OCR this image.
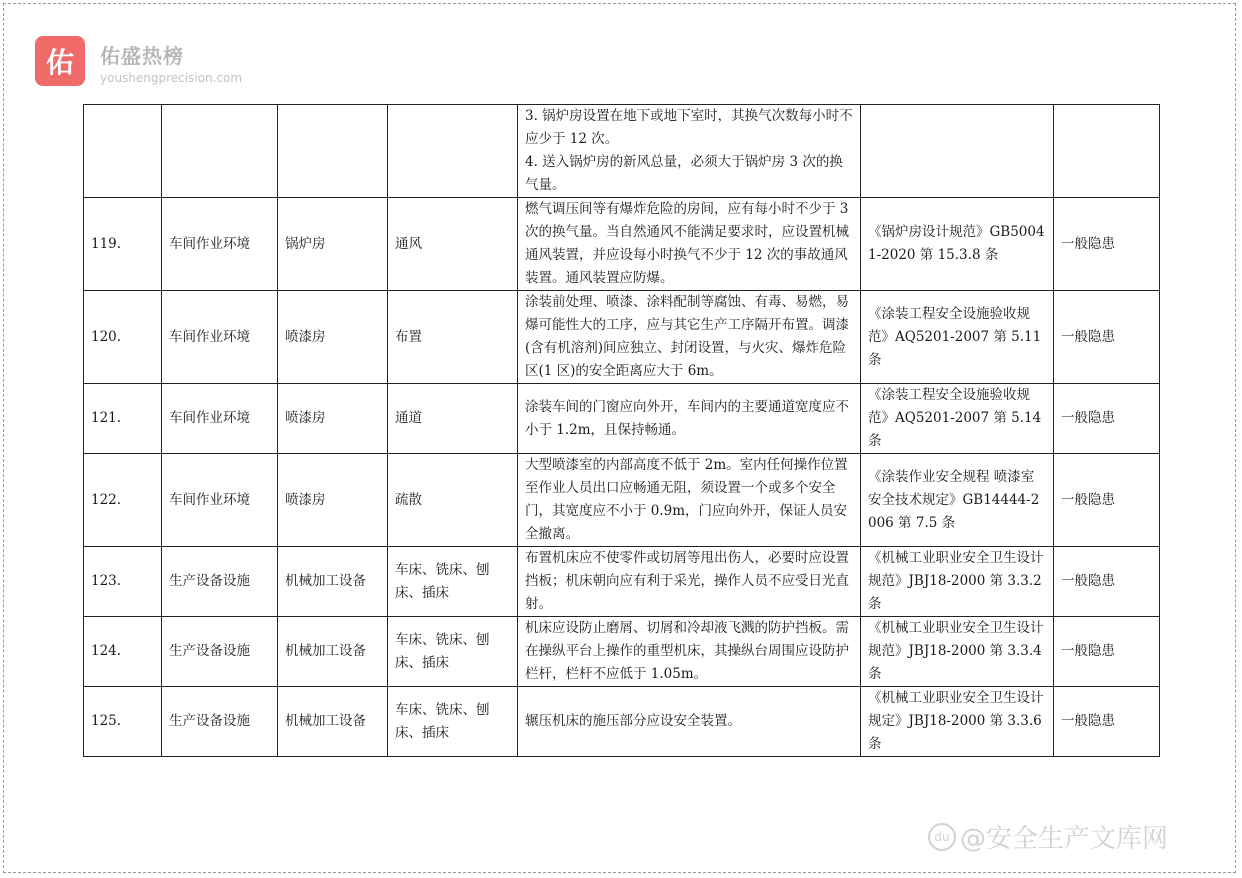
佑 佑盛热榜
youshengprecision.com
				3. 锅炉房设置在地下或地下室时，其换气次数每小时不应少于 12 次。
4. 送入锅炉房的新风总量，必须大于锅炉房 3 次的换气量。		
119.	车间作业环境	锅炉房	通风	燃气调压间等有爆炸危险的房间，应有每小时不少于 3 次的换气量。当自然通风不能满足要求时，应设置机械通风装置，并应设每小时换气不少于 12 次的事故通风装置。通风装置应防爆。	《锅炉房设计规范》GB50041-2020 第 15.3.8 条	一般隐患
120.	车间作业环境	喷漆房	布置	涂装前处理、喷漆、涂料配制等腐蚀、有毒、易燃，易爆可能性大的工序，应与其它生产工序隔开布置。调漆(含有机溶剂)间应独立、封闭设置，与火灾、爆炸危险区(1 区)的安全距离应大于 6m。	《涂装工程安全设施验收规范》AQ5201-2007 第 5.11 条	一般隐患
121.	车间作业环境	喷漆房	通道	涂装车间的门窗应向外开，车间内的主要通道宽度应不小于 1.2m，且保持畅通。	《涂装工程安全设施验收规范》AQ5201-2007 第 5.14 条	一般隐患
122.	车间作业环境	喷漆房	疏散	大型喷漆室的内部高度不低于 2m。室内任何操作位置至作业人员出口应畅通无阻，须设置一个或多个安全门，其宽度应不小于 0.9m，门应向外开，保证人员安全撤离。	《涂装作业安全规程 喷漆室安全技术规定》GB14444-2006 第 7.5 条	一般隐患
123.	生产设备设施	机械加工设备	车床、铣床、刨床、插床	布置机床应不使零件或切屑等甩出伤人，必要时应设置挡板；机床朝向应有利于采光，操作人员不应受日光直射。	《机械工业职业安全卫生设计规范》JBJ18-2000 第 3.3.2 条	一般隐患
124.	生产设备设施	机械加工设备	车床、铣床、刨床、插床	机床应设防止磨屑、切屑和冷却液飞溅的防护挡板。需在操纵平台上操作的重型机床，其操纵台周围应设防护栏杆，栏杆不应低于 1.05m。	《机械工业职业安全卫生设计规范》JBJ18-2000 第 3.3.4 条	一般隐患
125.	生产设备设施	机械加工设备	车床、铣床、刨床、插床	辗压机床的施压部分应设安全装置。	《机械工业职业安全卫生设计规定》JBJ18-2000 第 3.3.6 条	一般隐患
du @安全生产文库网
